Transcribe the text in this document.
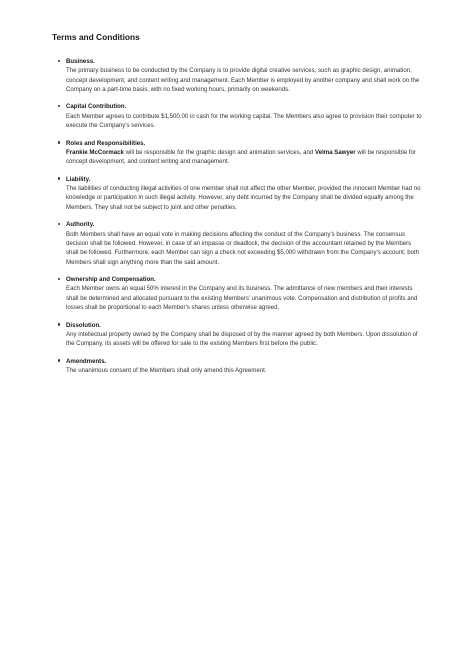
Terms and Conditions
Business.
The primary business to be conducted by the Company is to provide digital creative services, such as graphic design, animation, concept development, and content writing and management. Each Member is employed by another company and shall work on the Company on a part-time basis, with no fixed working hours, primarily on weekends.
Capital Contribution.
Each Member agrees to contribute $1,500.00 in cash for the working capital. The Members also agree to provision their computer to execute the Company's services.
Roles and Responsibilities.
Frankie McCormack will be responsible for the graphic design and animation services, and Velma Sawyer will be responsible for concept development, and content writing and management.
Liability.
The liabilities of conducting illegal activities of one member shall not affect the other Member, provided the innocent Member had no knowledge or participation in such illegal activity. However, any debt incurred by the Company shall be divided equally among the Members. They shall not be subject to joint and other penalties.
Authority.
Both Members shall have an equal vote in making decisions affecting the conduct of the Company's business. The consensus decision shall be followed. However, in case of an impasse or deadlock, the decision of the accountant retained by the Members shall be followed. Furthermore, each Member can sign a check not exceeding $5,000 withdrawn from the Company's account; both Members shall sign anything more than the said amount.
Ownership and Compensation.
Each Member owns an equal 50% interest in the Company and its business. The admittance of new members and their interests shall be determined and allocated pursuant to the existing Members' unanimous vote. Compensation and distribution of profits and losses shall be proportional to each Member's shares unless otherwise agreed.
Dissolution.
Any intellectual property owned by the Company shall be disposed of by the manner agreed by both Members. Upon dissolution of the Company, its assets will be offered for sale to the existing Members first before the public.
Amendments.
The unanimous consent of the Members shall only amend this Agreement.
